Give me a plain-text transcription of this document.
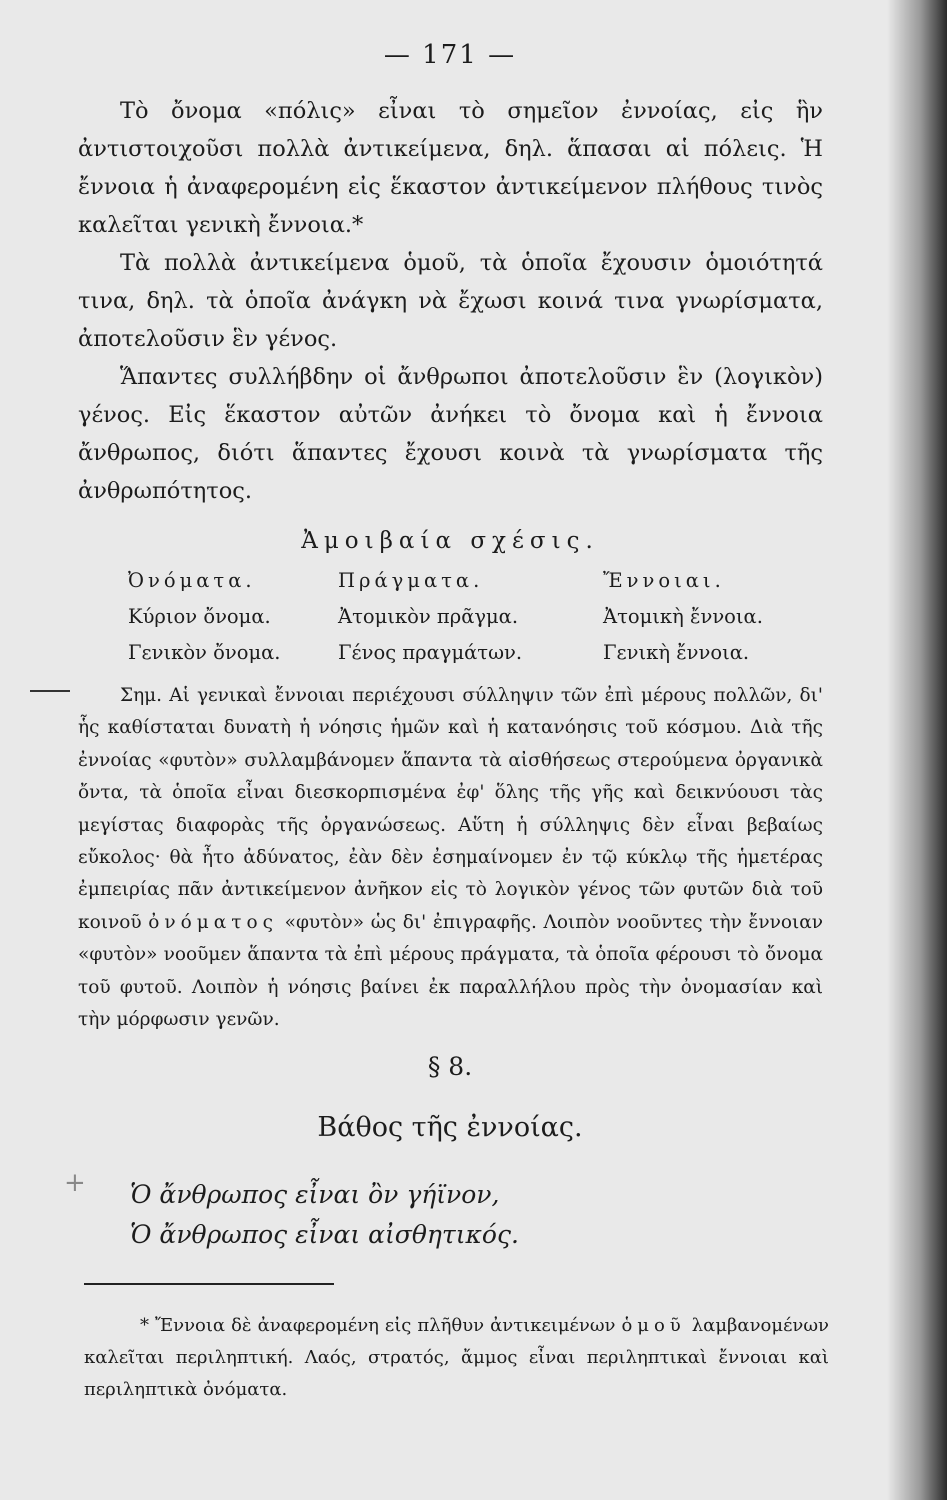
— 171 —

Τὸ ὄνομα «πόλις» εἶναι τὸ σημεῖον ἐννοίας, εἰς ἣν ἀντιστοιχοῦσι πολλὰ ἀντικείμενα, δηλ. ἅπασαι αἱ πόλεις. Ἡ ἔννοια ἡ ἀναφερομένη εἰς ἕκαστον ἀντικείμενον πλήθους τινὸς καλεῖται γενικὴ ἔννοια.*

Τὰ πολλὰ ἀντικείμενα ὁμοῦ, τὰ ὁποῖα ἔχουσιν ὁμοιότητά τινα, δηλ. τὰ ὁποῖα ἀνάγκη νὰ ἔχωσι κοινά τινα γνωρίσματα, ἀποτελοῦσιν ἓν γένος.

Ἅπαντες συλλήβδην οἱ ἄνθρωποι ἀποτελοῦσιν ἓν (λογικὸν) γένος. Εἰς ἕκαστον αὐτῶν ἀνήκει τὸ ὄνομα καὶ ἡ ἔννοια ἄνθρωπος, διότι ἅπαντες ἔχουσι κοινὰ τὰ γνωρίσματα τῆς ἀνθρωπότητος.

Ἀμοιβαία σχέσις.
Ὀνόματα.	Πράγματα.	Ἔννοιαι.
Κύριον ὄνομα.	Ἀτομικὸν πρᾶγμα.	Ἀτομικὴ ἔννοια.
Γενικὸν ὄνομα.	Γένος πραγμάτων.	Γενικὴ ἔννοια.

Σημ. Αἱ γενικαὶ ἔννοιαι περιέχουσι σύλληψιν τῶν ἐπὶ μέρους πολλῶν, δι' ἧς καθίσταται δυνατὴ ἡ νόησις ἡμῶν καὶ ἡ κατανόησις τοῦ κόσμου. Διὰ τῆς ἐννοίας «φυτὸν» συλλαμβάνομεν ἅπαντα τὰ αἰσθήσεως στερούμενα ὀργανικὰ ὄντα, τὰ ὁποῖα εἶναι διεσκορπισμένα ἐφ' ὅλης τῆς γῆς καὶ δεικνύουσι τὰς μεγίστας διαφορὰς τῆς ὀργανώσεως. Αὕτη ἡ σύλληψις δὲν εἶναι βεβαίως εὔκολος· θὰ ἦτο ἀδύνατος, ἐὰν δὲν ἐσημαίνομεν ἐν τῷ κύκλῳ τῆς ἡμετέρας ἐμπειρίας πᾶν ἀντικείμενον ἀνῆκον εἰς τὸ λογικὸν γένος τῶν φυτῶν διὰ τοῦ κοινοῦ ὀνόματος «φυτὸν» ὡς δι' ἐπιγραφῆς. Λοιπὸν νοοῦντες τὴν ἔννοιαν «φυτὸν» νοοῦμεν ἅπαντα τὰ ἐπὶ μέρους πράγματα, τὰ ὁποῖα φέρουσι τὸ ὄνομα τοῦ φυτοῦ. Λοιπὸν ἡ νόησις βαίνει ἐκ παραλλήλου πρὸς τὴν ὀνομασίαν καὶ τὴν μόρφωσιν γενῶν.

§ 8.
Βάθος τῆς ἐννοίας.
+ Ὁ ἄνθρωπος εἶναι ὂν γήϊνον,
Ὁ ἄνθρωπος εἶναι αἰσθητικός.
* Ἔννοια δὲ ἀναφερομένη εἰς πλῆθυν ἀντικειμένων ὁμοῦ λαμβανομένων καλεῖται περιληπτική. Λαός, στρατός, ἄμμος εἶναι περιληπτικαὶ ἔννοιαι καὶ περιληπτικὰ ὀνόματα.
